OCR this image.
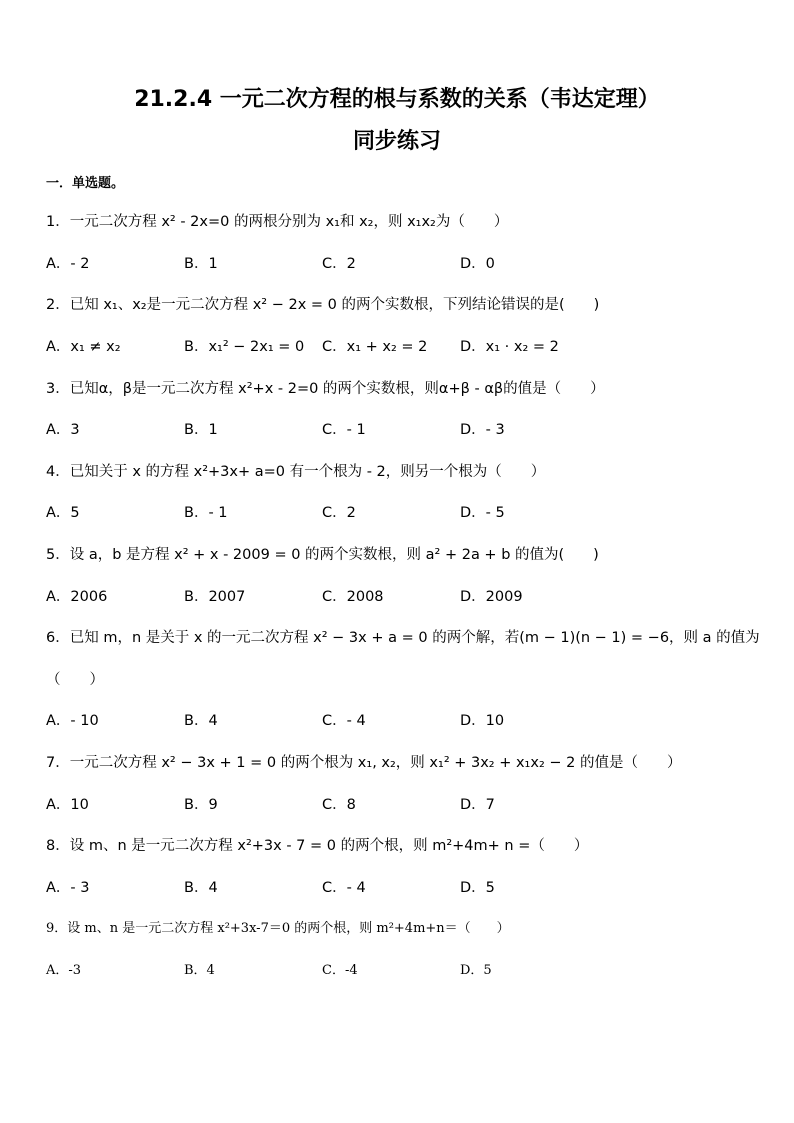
21.2.4 一元二次方程的根与系数的关系（韦达定理）
同步练习
一．单选题。
1．一元二次方程 x² - 2x=0 的两根分别为 x₁和 x₂，则 x₁x₂为（　　）
A．- 2	B．1	C．2	D．0
2．已知 x₁、x₂是一元二次方程 x² − 2x = 0 的两个实数根，下列结论错误的是(　　)
A．x₁ ≠ x₂	B．x₁² − 2x₁ = 0 C．x₁ + x₂ = 2 D．x₁ · x₂ = 2
3．已知α，β是一元二次方程 x²+x - 2=0 的两个实数根，则α+β - αβ的值是（　　）
A．3	B．1	C．- 1	D．- 3
4．已知关于 x 的方程 x²+3x+ a=0 有一个根为 - 2，则另一个根为（　　）
A．5	B．- 1	C．2	D．- 5
5．设 a，b 是方程 x² + x - 2009 = 0 的两个实数根，则 a² + 2a + b 的值为(　　)
A．2006	B．2007	C．2008	D．2009
6．已知 m，n 是关于 x 的一元二次方程 x² − 3x + a = 0 的两个解，若(m − 1)(n − 1) = −6，则 a 的值为
（　　）
A．- 10	B．4	C．- 4	D．10
7．一元二次方程 x² − 3x + 1 = 0 的两个根为 x₁, x₂，则 x₁² + 3x₂ + x₁x₂ − 2 的值是（　　）
A．10	B．9	C．8	D．7
8．设 m、n 是一元二次方程 x²+3x - 7 = 0 的两个根，则 m²+4m+ n =（　　）
A．- 3	B．4	C．- 4	D．5
9．设 m、n 是一元二次方程 x²+3x-7＝0 的两个根，则 m²+4m+n＝（　　）
A．-3	B．4	C．-4	D．5
